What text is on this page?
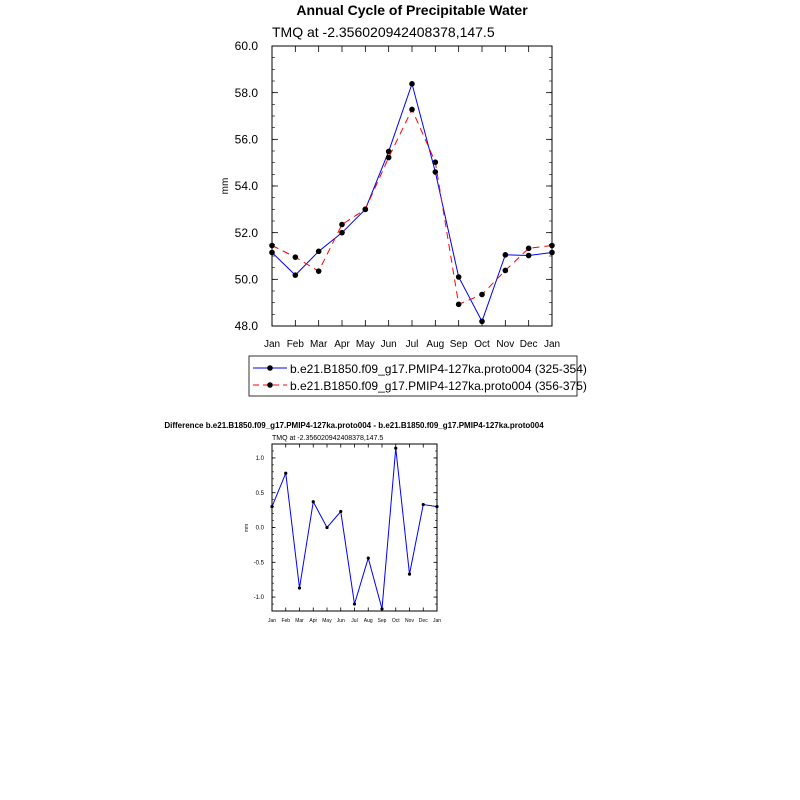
Annual Cycle of Precipitable Water
TMQ at -2.356020942408378,147.5
mm
Jan Feb Mar Apr May Jun Jul Aug Sep Oct Nov Dec Jan
48.0
50.0
52.0
54.0
56.0
58.0
60.0
b.e21.B1850.f09_g17.PMIP4-127ka.proto004 (325-354)
b.e21.B1850.f09_g17.PMIP4-127ka.proto004 (356-375)
Difference b.e21.B1850.f09_g17.PMIP4-127ka.proto004 - b.e21.B1850.f09_g17.PMIP4-127ka.proto004
TMQ at -2.356020942408378,147.5
mm
Jan Feb Mar Apr May Jun Jul Aug Sep Oct Nov Dec Jan
-1.0
-0.5
0.0
0.5
1.0
